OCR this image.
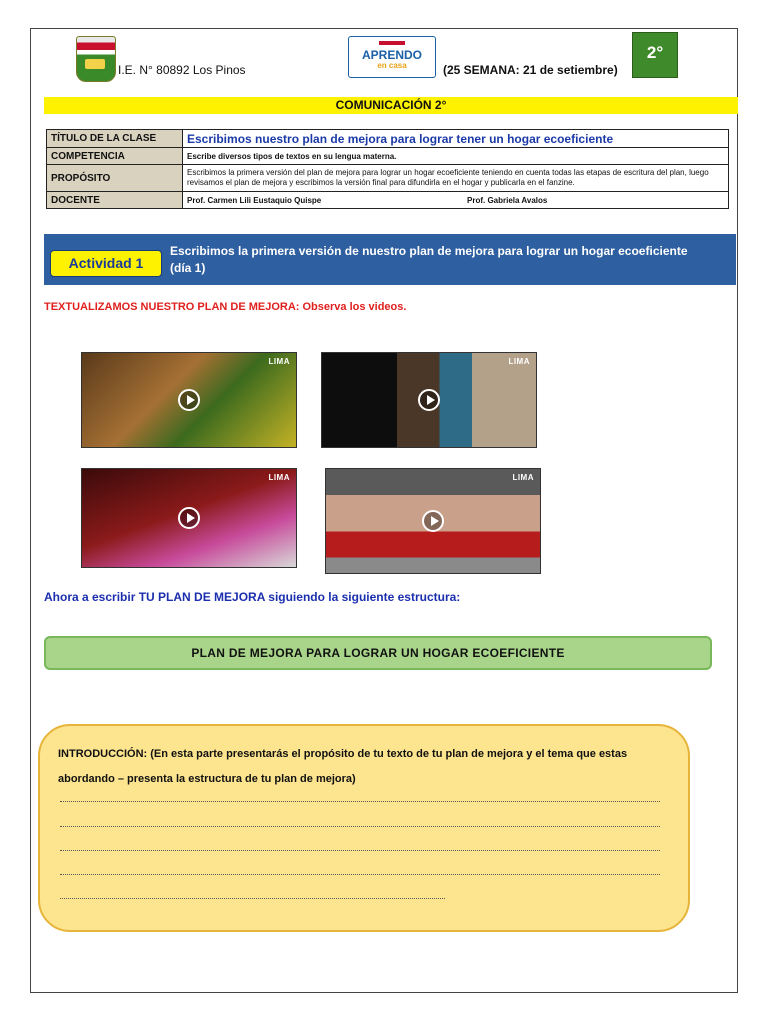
I.E. N° 80892 Los Pinos
APRENDO
en casa	(25 SEMANA: 21 de setiembre)
2°
COMUNICACIÓN 2°
TÍTULO DE LA CLASE	Escribimos nuestro plan de mejora para lograr tener un hogar ecoeficiente
COMPETENCIA	Escribe diversos tipos de textos en su lengua materna.
PROPÓSITO	Escribimos la primera versión del plan de mejora para lograr un hogar ecoeficiente teniendo en cuenta todas las etapas de escritura del plan, luego revisamos el plan de mejora y escribimos la versión final para difundirla en el hogar y publicarla en el fanzine.
DOCENTE	Prof. Carmen Lili Eustaquio Quispe Prof. Gabriela Avalos
Actividad 1
Escribimos la primera versión de nuestro plan de mejora para lograr un hogar ecoeficiente (día 1)
TEXTUALIZAMOS NUESTRO PLAN DE MEJORA: Observa los videos.
LIMA	LIMA
LIMA	LIMA
Ahora a escribir TU PLAN DE MEJORA siguiendo la siguiente estructura:
PLAN DE MEJORA PARA LOGRAR UN HOGAR ECOEFICIENTE
INTRODUCCIÓN: (En esta parte presentarás el propósito de tu texto de tu plan de mejora y el tema que estas abordando – presenta la estructura de tu plan de mejora)
